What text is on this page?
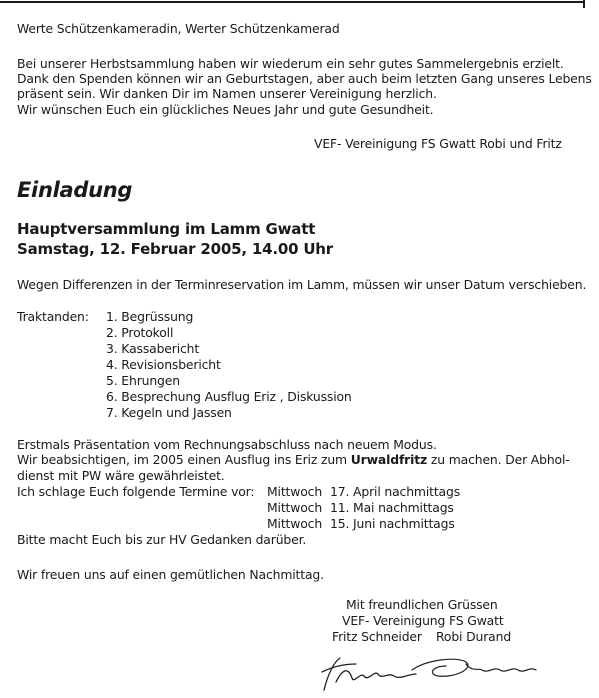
Werte Schützenkameradin, Werter Schützenkamerad
Bei unserer Herbstsammlung haben wir wiederum ein sehr gutes Sammelergebnis erzielt.
Dank den Spenden können wir an Geburtstagen, aber auch beim letzten Gang unseres Lebens
präsent sein. Wir danken Dir im Namen unserer Vereinigung herzlich.
Wir wünschen Euch ein glückliches Neues Jahr und gute Gesundheit.
VEF- Vereinigung FS Gwatt Robi und Fritz
Einladung
Hauptversammlung im Lamm Gwatt
Samstag, 12. Februar 2005, 14.00 Uhr
Wegen Differenzen in der Terminreservation im Lamm, müssen wir unser Datum verschieben.
Traktanden: 1. Begrüssung
2. Protokoll
3. Kassabericht
4. Revisionsbericht
5. Ehrungen
6. Besprechung Ausflug Eriz , Diskussion
7. Kegeln und Jassen
Erstmals Präsentation vom Rechnungsabschluss nach neuem Modus.
Wir beabsichtigen, im 2005 einen Ausflug ins Eriz zum Urwaldfritz zu machen. Der Abhol-
dienst mit PW wäre gewährleistet.
Ich schlage Euch folgende Termine vor: Mittwoch 17. April nachmittags
Mittwoch 11. Mai nachmittags
Mittwoch 15. Juni nachmittags
Bitte macht Euch bis zur HV Gedanken darüber.
Wir freuen uns auf einen gemütlichen Nachmittag.
Mit freundlichen Grüssen
VEF- Vereinigung FS Gwatt
Fritz Schneider Robi Durand
